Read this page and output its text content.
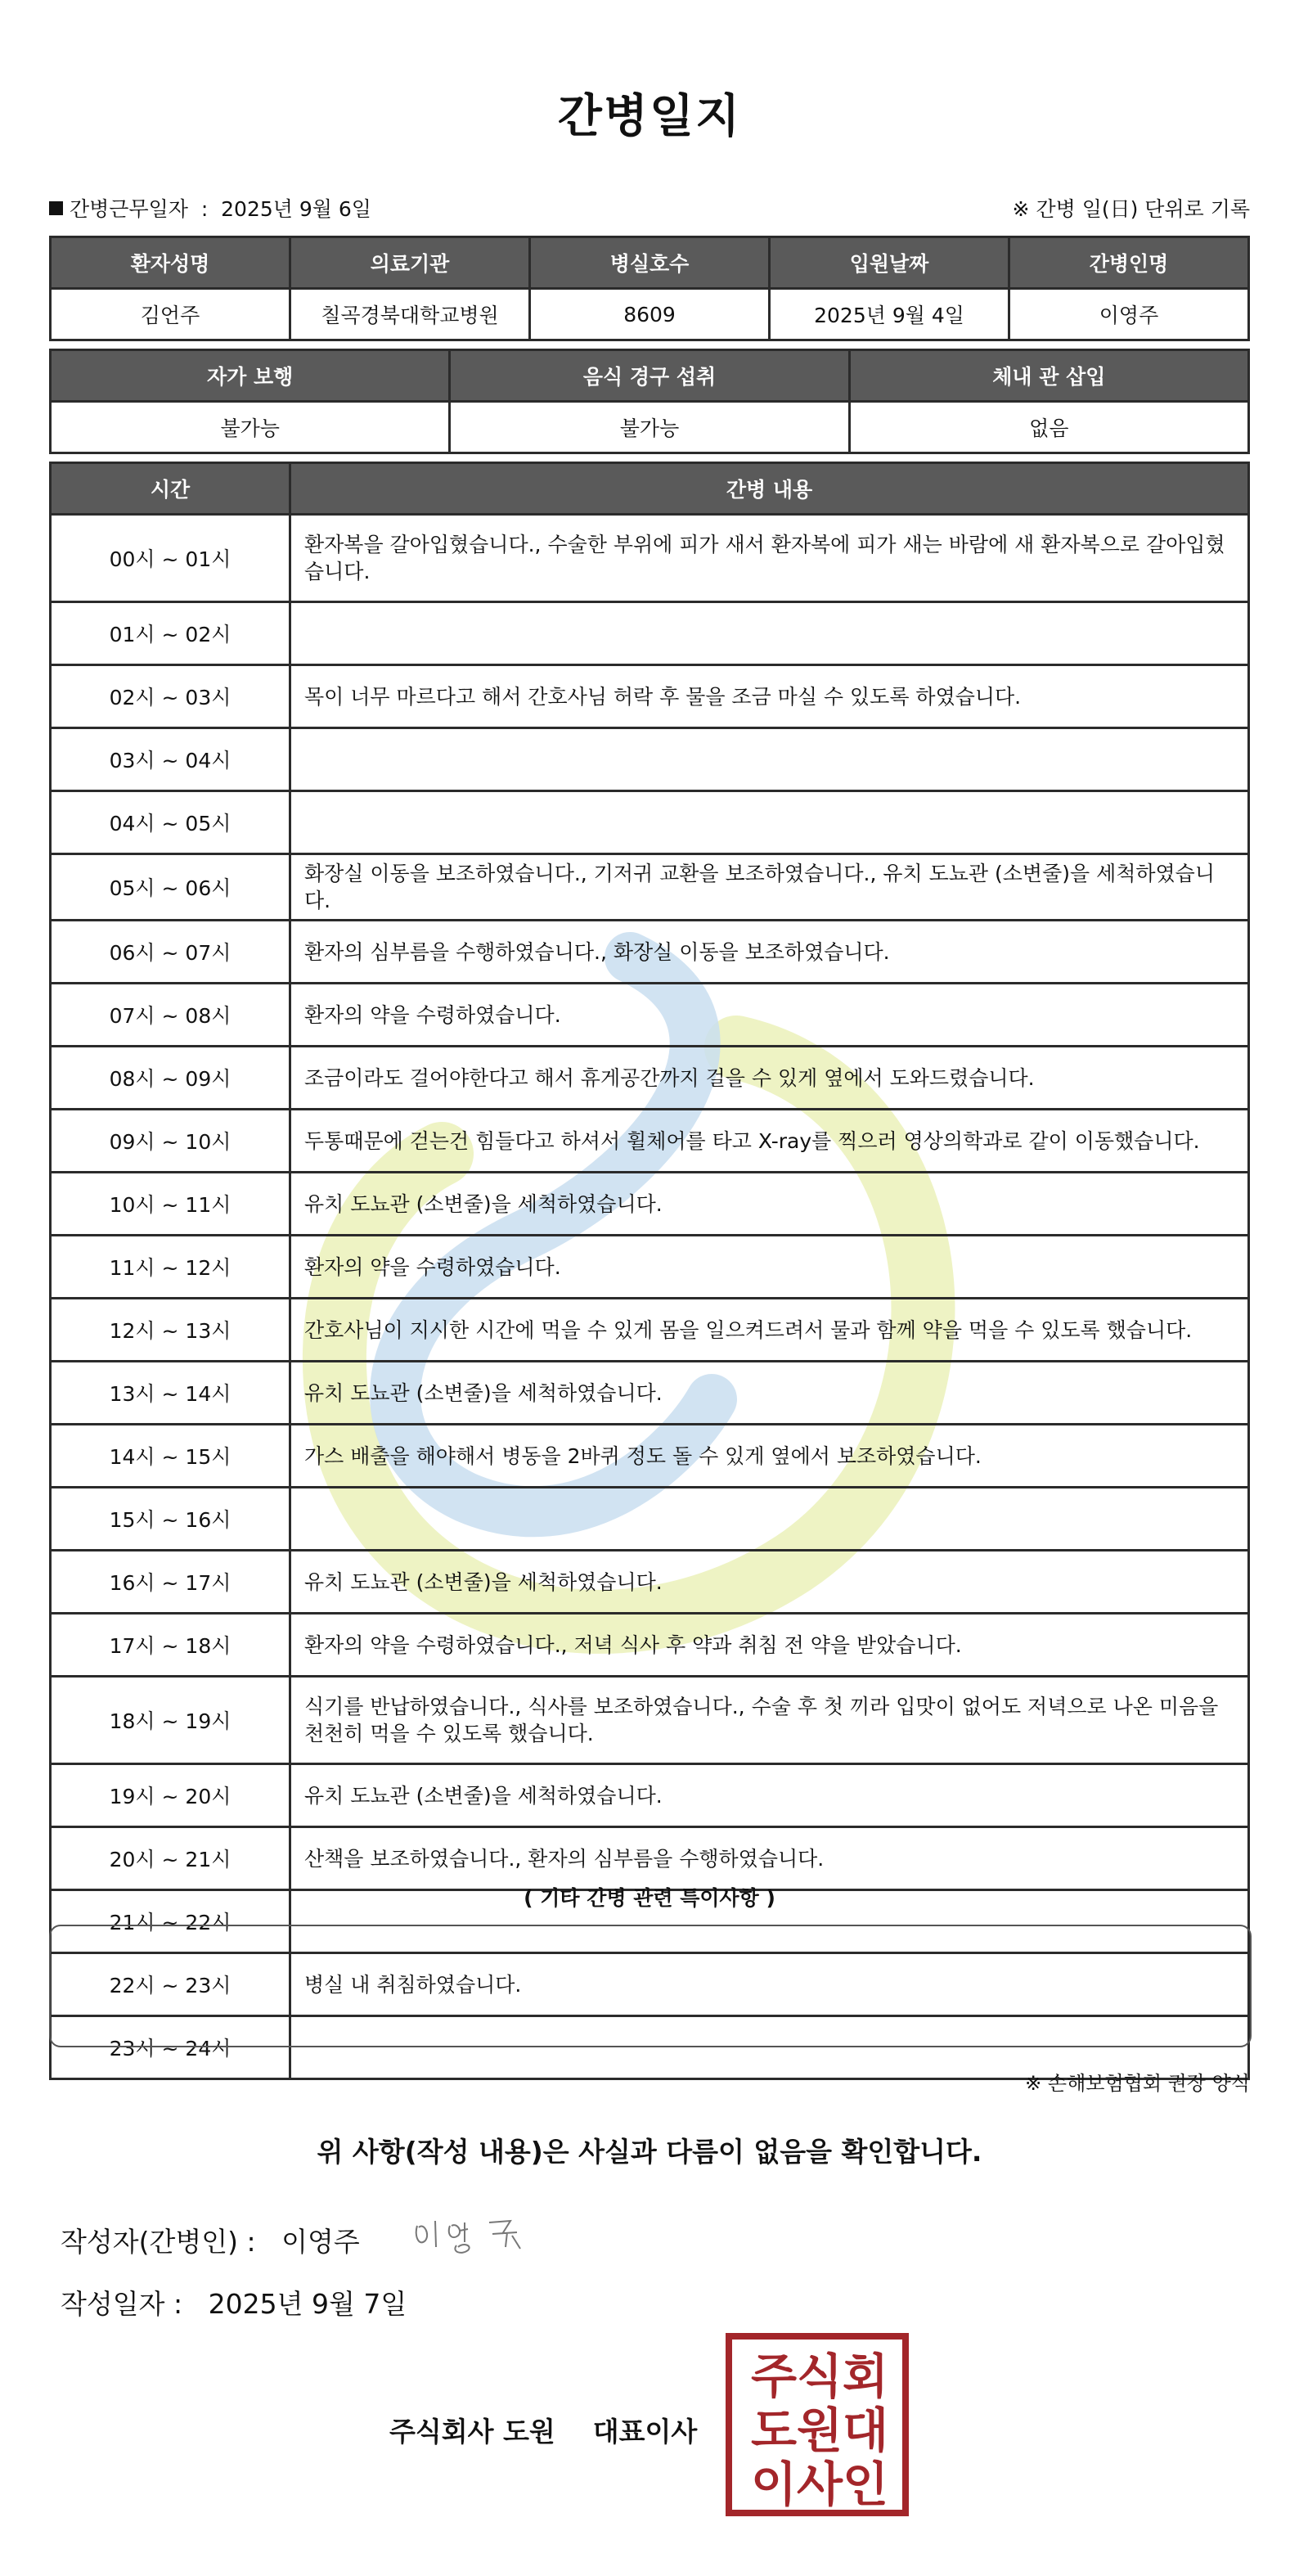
간병일지
간병근무일자 : 2025년 9월 6일	※ 간병 일(日) 단위로 기록
환자성명	의료기관	병실호수	입원날짜	간병인명
김언주	칠곡경북대학교병원	8609	2025년 9월 4일	이영주
자가 보행	음식 경구 섭취	체내 관 삽입
불가능	불가능	없음
시간	간병 내용
00시 ~ 01시	환자복을 갈아입혔습니다., 수술한 부위에 피가 새서 환자복에 피가 새는 바람에 새 환자복으로 갈아입혔습니다.
01시 ~ 02시	
02시 ~ 03시	목이 너무 마르다고 해서 간호사님 허락 후 물을 조금 마실 수 있도록 하였습니다.
03시 ~ 04시	
04시 ~ 05시	
05시 ~ 06시	화장실 이동을 보조하였습니다., 기저귀 교환을 보조하였습니다., 유치 도뇨관 (소변줄)을 세척하였습니다.
06시 ~ 07시	환자의 심부름을 수행하였습니다., 화장실 이동을 보조하였습니다.
07시 ~ 08시	환자의 약을 수령하였습니다.
08시 ~ 09시	조금이라도 걸어야한다고 해서 휴게공간까지 걸을 수 있게 옆에서 도와드렸습니다.
09시 ~ 10시	두통때문에 걷는건 힘들다고 하셔서 휠체어를 타고 X-ray를 찍으러 영상의학과로 같이 이동했습니다.
10시 ~ 11시	유치 도뇨관 (소변줄)을 세척하였습니다.
11시 ~ 12시	환자의 약을 수령하였습니다.
12시 ~ 13시	간호사님이 지시한 시간에 먹을 수 있게 몸을 일으켜드려서 물과 함께 약을 먹을 수 있도록 했습니다.
13시 ~ 14시	유치 도뇨관 (소변줄)을 세척하였습니다.
14시 ~ 15시	가스 배출을 해야해서 병동을 2바퀴 정도 돌 수 있게 옆에서 보조하였습니다.
15시 ~ 16시	
16시 ~ 17시	유치 도뇨관 (소변줄)을 세척하였습니다.
17시 ~ 18시	환자의 약을 수령하였습니다., 저녁 식사 후 약과 취침 전 약을 받았습니다.
18시 ~ 19시	식기를 반납하였습니다., 식사를 보조하였습니다., 수술 후 첫 끼라 입맛이 없어도 저녁으로 나온 미음을 천천히 먹을 수 있도록 했습니다.
19시 ~ 20시	유치 도뇨관 (소변줄)을 세척하였습니다.
20시 ~ 21시	산책을 보조하였습니다., 환자의 심부름을 수행하였습니다.
21시 ~ 22시	
22시 ~ 23시	병실 내 취침하였습니다.
23시 ~ 24시	
( 기타 간병 관련 특이사항 )
※ 손해보험협회 권장 양식
위 사항(작성 내용)은 사실과 다름이 없음을 확인합니다.
작성자(간병인) : 이영주
작성일자 : 2025년 9월 7일
주식회사 도원 대표이사
주 식 회
도 원 대
이 사 인
